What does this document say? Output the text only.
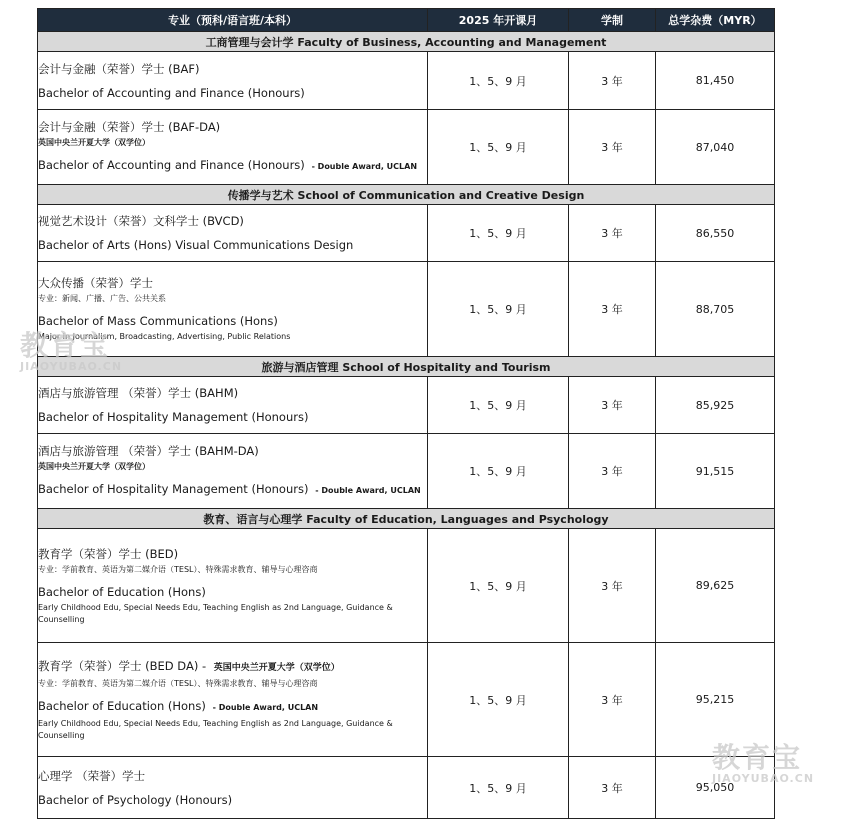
专业（预科/语言班/本科）	2025 年开课月	学制	总学杂费（MYR）
工商管理与会计学 Faculty of Business, Accounting and Management			

会计与金融（荣誉）学士 (BAF)
Bachelor of Accounting and Finance (Honours)	1、5、9 月	3 年	81,450

会计与金融（荣誉）学士 (BAF-DA)
英国中央兰开夏大学（双学位）
Bachelor of Accounting and Finance (Honours) - Double Award, UCLAN	1、5、9 月	3 年	87,040
传播学与艺术 School of Communication and Creative Design			

视觉艺术设计（荣誉）文科学士 (BVCD)
Bachelor of Arts (Hons) Visual Communications Design	1、5、9 月	3 年	86,550

大众传播（荣誉）学士
专业：新闻、广播、广告、公共关系
Bachelor of Mass Communications (Hons)
Major in Journalism, Broadcasting, Advertising, Public Relations	1、5、9 月	3 年	88,705
旅游与酒店管理 School of Hospitality and Tourism			

酒店与旅游管理 （荣誉）学士 (BAHM)
Bachelor of Hospitality Management (Honours)	1、5、9 月	3 年	85,925

酒店与旅游管理 （荣誉）学士 (BAHM-DA)
英国中央兰开夏大学（双学位）
Bachelor of Hospitality Management (Honours) - Double Award, UCLAN	1、5、9 月	3 年	91,515
教育、语言与心理学 Faculty of Education, Languages and Psychology			

教育学（荣誉）学士 (BED)
专业：学前教育、英语为第二媒介语（TESL）、特殊需求教育、辅导与心理咨商
Bachelor of Education (Hons)
Early Childhood Edu, Special Needs Edu, Teaching English as 2nd Language, Guidance & Counselling	1、5、9 月	3 年	89,625

教育学（荣誉）学士 (BED DA) - 英国中央兰开夏大学（双学位）
专业：学前教育、英语为第二媒介语（TESL）、特殊需求教育、辅导与心理咨商
Bachelor of Education (Hons) - Double Award, UCLAN
Early Childhood Edu, Special Needs Edu, Teaching English as 2nd Language, Guidance & Counselling	1、5、9 月	3 年	95,215

心理学 （荣誉）学士
Bachelor of Psychology (Honours)	1、5、9 月	3 年	95,050
教育宝
JIAOYUBAO.CN
教育宝
JIAOYUBAO.CN
